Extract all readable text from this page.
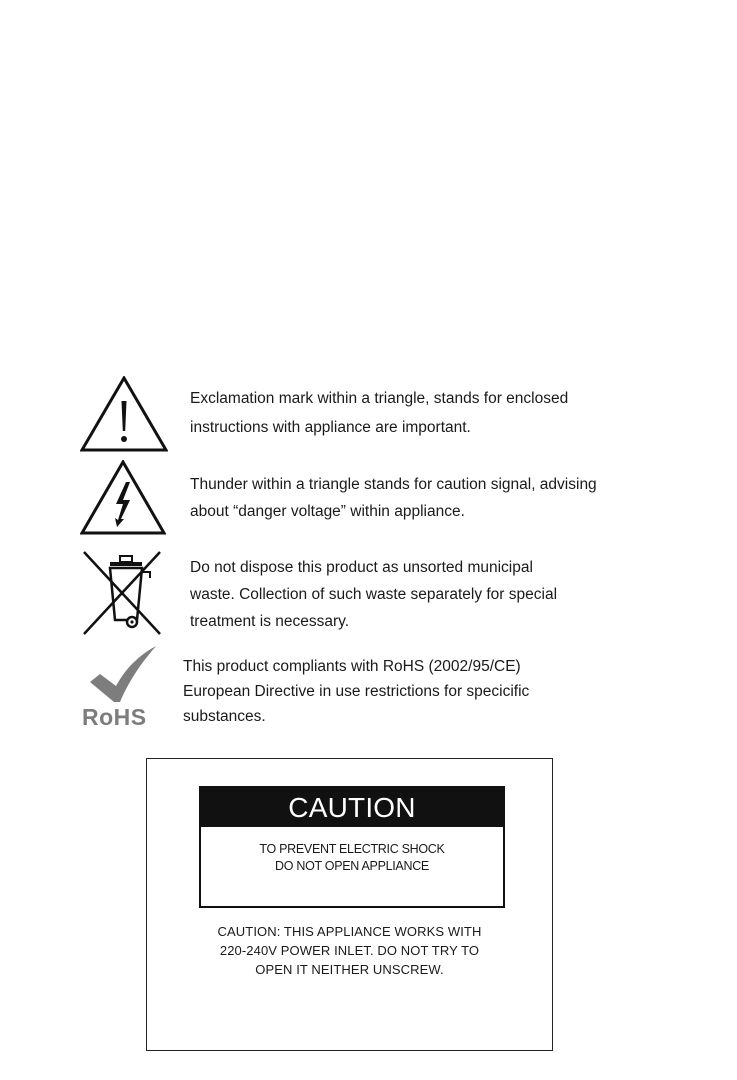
Exclamation mark within a triangle, stands for enclosed
instructions with appliance are important.
Thunder within a triangle stands for caution signal, advising
about “danger voltage” within appliance.
Do not dispose this product as unsorted municipal
waste. Collection of such waste separately for special
treatment is necessary.
RoHS
This product compliants with RoHS (2002/95/CE)
European Directive in use restrictions for specicific
substances.
CAUTION
TO PREVENT ELECTRIC SHOCK
DO NOT OPEN APPLIANCE
CAUTION: THIS APPLIANCE WORKS WITH
220-240V POWER INLET. DO NOT TRY TO
OPEN IT NEITHER UNSCREW.
